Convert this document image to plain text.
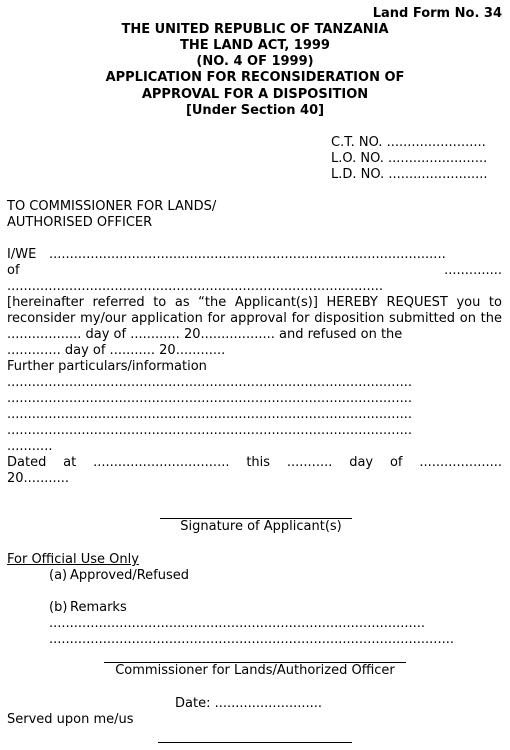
Land Form No. 34
THE UNITED REPUBLIC OF TANZANIA
THE LAND ACT, 1999
(NO. 4 OF 1999)
APPLICATION FOR RECONSIDERATION OF
APPROVAL FOR A DISPOSITION
[Under Section 40]
C.T. NO. ........................
L.O. NO. ........................
L.D. NO. ........................
TO COMMISSIONER FOR LANDS/
AUTHORISED OFFICER
I/WE ................................................................................................
of	..............
...........................................................................................
[hereinafter referred to as “the Applicant(s)] HEREBY REQUEST you to reconsider my/our application for approval for disposition submitted on the .................. day of ............ 20.................. and refused on the
............. day of ........... 20............
Further particulars/information
..................................................................................................
..................................................................................................
..................................................................................................
..................................................................................................
...........
Dated at ................................. this ........... day of ....................
20...........
Signature of Applicant(s)
For Official Use Only
(a) Approved/Refused
(b) Remarks
...........................................................................................
..................................................................................................
Commissioner for Lands/Authorized Officer
Date: ..........................
Served upon me/us
